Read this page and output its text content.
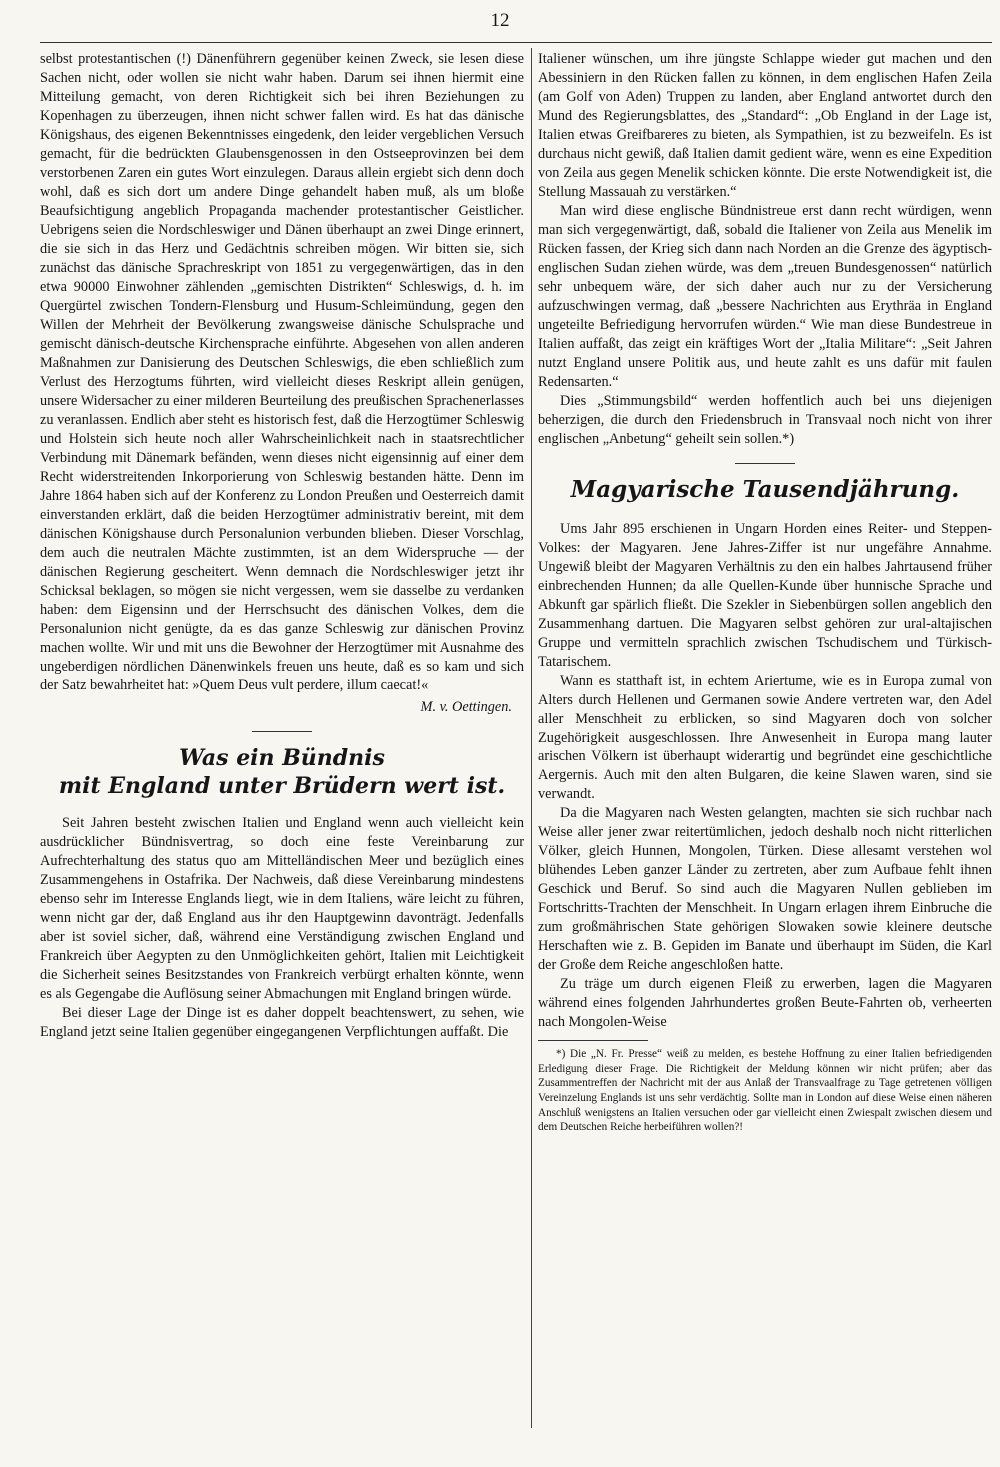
12

selbst protestantischen (!) Dänenführern gegenüber keinen Zweck, sie lesen diese Sachen nicht, oder wollen sie nicht wahr haben. Darum sei ihnen hiermit eine Mitteilung gemacht, von deren Richtigkeit sich bei ihren Beziehungen zu Kopenhagen zu überzeugen, ihnen nicht schwer fallen wird. Es hat das dänische Königshaus, des eigenen Bekenntnisses eingedenk, den leider vergeblichen Versuch gemacht, für die bedrückten Glaubensgenossen in den Ostseeprovinzen bei dem verstorbenen Zaren ein gutes Wort einzulegen. Daraus allein ergiebt sich denn doch wohl, daß es sich dort um andere Dinge gehandelt haben muß, als um bloße Beaufsichtigung angeblich Propaganda machender protestantischer Geistlicher. Uebrigens seien die Nordschleswiger und Dänen überhaupt an zwei Dinge erinnert, die sie sich in das Herz und Gedächtnis schreiben mögen. Wir bitten sie, sich zunächst das dänische Sprachreskript von 1851 zu vergegenwärtigen, das in den etwa 90000 Einwohner zählenden „gemischten Distrikten“ Schleswigs, d. h. im Quergürtel zwischen Tondern-Flensburg und Husum-Schleimündung, gegen den Willen der Mehrheit der Bevölkerung zwangsweise dänische Schulsprache und gemischt dänisch-deutsche Kirchensprache einführte. Abgesehen von allen anderen Maßnahmen zur Danisierung des Deutschen Schleswigs, die eben schließlich zum Verlust des Herzogtums führten, wird vielleicht dieses Reskript allein genügen, unsere Widersacher zu einer milderen Beurteilung des preußischen Sprachenerlasses zu veranlassen. Endlich aber steht es historisch fest, daß die Herzogtümer Schleswig und Holstein sich heute noch aller Wahrscheinlichkeit nach in staatsrechtlicher Verbindung mit Dänemark befänden, wenn dieses nicht eigensinnig auf einer dem Recht widerstreitenden Inkorporierung von Schleswig bestanden hätte. Denn im Jahre 1864 haben sich auf der Konferenz zu London Preußen und Oesterreich damit einverstanden erklärt, daß die beiden Herzogtümer administrativ bereint, mit dem dänischen Königshause durch Personalunion verbunden blieben. Dieser Vorschlag, dem auch die neutralen Mächte zustimmten, ist an dem Widerspruche — der dänischen Regierung gescheitert. Wenn demnach die Nordschleswiger jetzt ihr Schicksal beklagen, so mögen sie nicht vergessen, wem sie dasselbe zu verdanken haben: dem Eigensinn und der Herrschsucht des dänischen Volkes, dem die Personalunion nicht genügte, da es das ganze Schleswig zur dänischen Provinz machen wollte. Wir und mit uns die Bewohner der Herzogtümer mit Ausnahme des ungeberdigen nördlichen Dänenwinkels freuen uns heute, daß es so kam und sich der Satz bewahrheitet hat: »Quem Deus vult perdere, illum caecat!«

M. v. Oettingen.
Was ein Bündnis
mit England unter Brüdern wert ist.

Seit Jahren besteht zwischen Italien und England wenn auch vielleicht kein ausdrücklicher Bündnisvertrag, so doch eine feste Vereinbarung zur Aufrechterhaltung des status quo am Mittelländischen Meer und bezüglich eines Zusammengehens in Ostafrika. Der Nachweis, daß diese Vereinbarung mindestens ebenso sehr im Interesse Englands liegt, wie in dem Italiens, wäre leicht zu führen, wenn nicht gar der, daß England aus ihr den Hauptgewinn davonträgt. Jedenfalls aber ist soviel sicher, daß, während eine Verständigung zwischen England und Frankreich über Aegypten zu den Unmöglichkeiten gehört, Italien mit Leichtigkeit die Sicherheit seines Besitzstandes von Frankreich verbürgt erhalten könnte, wenn es als Gegengabe die Auflösung seiner Abmachungen mit England bringen würde.

Bei dieser Lage der Dinge ist es daher doppelt beachtenswert, zu sehen, wie England jetzt seine Italien gegenüber eingegangenen Verpflichtungen auffaßt. Die

Italiener wünschen, um ihre jüngste Schlappe wieder gut machen und den Abessiniern in den Rücken fallen zu können, in dem englischen Hafen Zeila (am Golf von Aden) Truppen zu landen, aber England antwortet durch den Mund des Regierungsblattes, des „Standard“: „Ob England in der Lage ist, Italien etwas Greifbareres zu bieten, als Sympathien, ist zu bezweifeln. Es ist durchaus nicht gewiß, daß Italien damit gedient wäre, wenn es eine Expedition von Zeila aus gegen Menelik schicken könnte. Die erste Notwendigkeit ist, die Stellung Massauah zu verstärken.“

Man wird diese englische Bündnistreue erst dann recht würdigen, wenn man sich vergegenwärtigt, daß, sobald die Italiener von Zeila aus Menelik im Rücken fassen, der Krieg sich dann nach Norden an die Grenze des ägyptisch-englischen Sudan ziehen würde, was dem „treuen Bundesgenossen“ natürlich sehr unbequem wäre, der sich daher auch nur zu der Versicherung aufzuschwingen vermag, daß „bessere Nachrichten aus Erythräa in England ungeteilte Befriedigung hervorrufen würden.“ Wie man diese Bundestreue in Italien auffaßt, das zeigt ein kräftiges Wort der „Italia Militare“: „Seit Jahren nutzt England unsere Politik aus, und heute zahlt es uns dafür mit faulen Redensarten.“

Dies „Stimmungsbild“ werden hoffentlich auch bei uns diejenigen beherzigen, die durch den Friedensbruch in Transvaal noch nicht von ihrer englischen „Anbetung“ geheilt sein sollen.*)

Magyarische Tausendjährung.

Ums Jahr 895 erschienen in Ungarn Horden eines Reiter- und Steppen-Volkes: der Magyaren. Jene Jahres-Ziffer ist nur ungefähre Annahme. Ungewiß bleibt der Magyaren Verhältnis zu den ein halbes Jahrtausend früher einbrechenden Hunnen; da alle Quellen-Kunde über hunnische Sprache und Abkunft gar spärlich fließt. Die Szekler in Siebenbürgen sollen angeblich den Zusammenhang dartuen. Die Magyaren selbst gehören zur ural-altajischen Gruppe und vermitteln sprachlich zwischen Tschudischem und Türkisch-Tatarischem.

Wann es statthaft ist, in echtem Ariertume, wie es in Europa zumal von Alters durch Hellenen und Germanen sowie Andere vertreten war, den Adel aller Menschheit zu erblicken, so sind Magyaren doch von solcher Zugehörigkeit ausgeschlossen. Ihre Anwesenheit in Europa mang lauter arischen Völkern ist überhaupt widerartig und begründet eine geschichtliche Aergernis. Auch mit den alten Bulgaren, die keine Slawen waren, sind sie verwandt.

Da die Magyaren nach Westen gelangten, machten sie sich ruchbar nach Weise aller jener zwar reitertümlichen, jedoch deshalb noch nicht ritterlichen Völker, gleich Hunnen, Mongolen, Türken. Diese allesamt verstehen wol blühendes Leben ganzer Länder zu zertreten, aber zum Aufbaue fehlt ihnen Geschick und Beruf. So sind auch die Magyaren Nullen geblieben im Fortschritts-Trachten der Menschheit. In Ungarn erlagen ihrem Einbruche die zum großmährischen State gehörigen Slowaken sowie kleinere deutsche Herschaften wie z. B. Gepiden im Banate und überhaupt im Süden, die Karl der Große dem Reiche angeschloßen hatte.

Zu träge um durch eigenen Fleiß zu erwerben, lagen die Magyaren während eines folgenden Jahrhundertes großen Beute-Fahrten ob, verheerten nach Mongolen-Weise

*) Die „N. Fr. Presse“ weiß zu melden, es bestehe Hoffnung zu einer Italien befriedigenden Erledigung dieser Frage. Die Richtigkeit der Meldung können wir nicht prüfen; aber das Zusammentreffen der Nachricht mit der aus Anlaß der Transvaalfrage zu Tage getretenen völligen Vereinzelung Englands ist uns sehr verdächtig. Sollte man in London auf diese Weise einen näheren Anschluß wenigstens an Italien versuchen oder gar vielleicht einen Zwiespalt zwischen diesem und dem Deutschen Reiche herbeiführen wollen?!
